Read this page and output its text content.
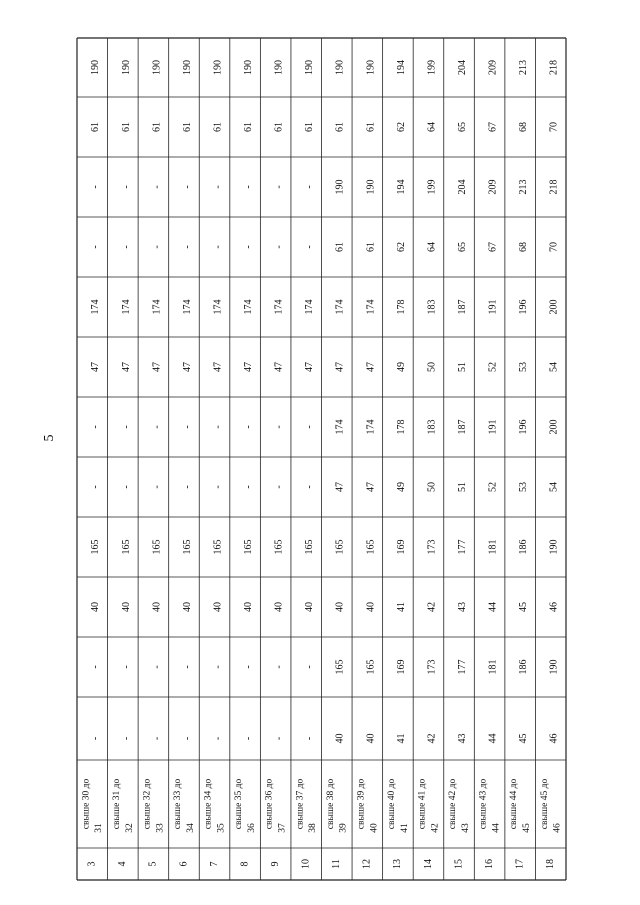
5
3
свыше 30 до 31
-
-
40
165
-
-
47
174
-
-
61
190
4
свыше 31 до 32
-
-
40
165
-
-
47
174
-
-
61
190
5
свыше 32 до 33
-
-
40
165
-
-
47
174
-
-
61
190
6
свыше 33 до 34
-
-
40
165
-
-
47
174
-
-
61
190
7
свыше 34 до 35
-
-
40
165
-
-
47
174
-
-
61
190
8
свыше 35 до 36
-
-
40
165
-
-
47
174
-
-
61
190
9
свыше 36 до 37
-
-
40
165
-
-
47
174
-
-
61
190
10
свыше 37 до 38
-
-
40
165
-
-
47
174
-
-
61
190
11
свыше 38 до 39
40
165
40
165
47
174
47
174
61
190
61
190
12
свыше 39 до 40
40
165
40
165
47
174
47
174
61
190
61
190
13
свыше 40 до 41
41
169
41
169
49
178
49
178
62
194
62
194
14
свыше 41 до 42
42
173
42
173
50
183
50
183
64
199
64
199
15
свыше 42 до 43
43
177
43
177
51
187
51
187
65
204
65
204
16
свыше 43 до 44
44
181
44
181
52
191
52
191
67
209
67
209
17
свыше 44 до 45
45
186
45
186
53
196
53
196
68
213
68
213
18
свыше 45 до 46
46
190
46
190
54
200
54
200
70
218
70
218
